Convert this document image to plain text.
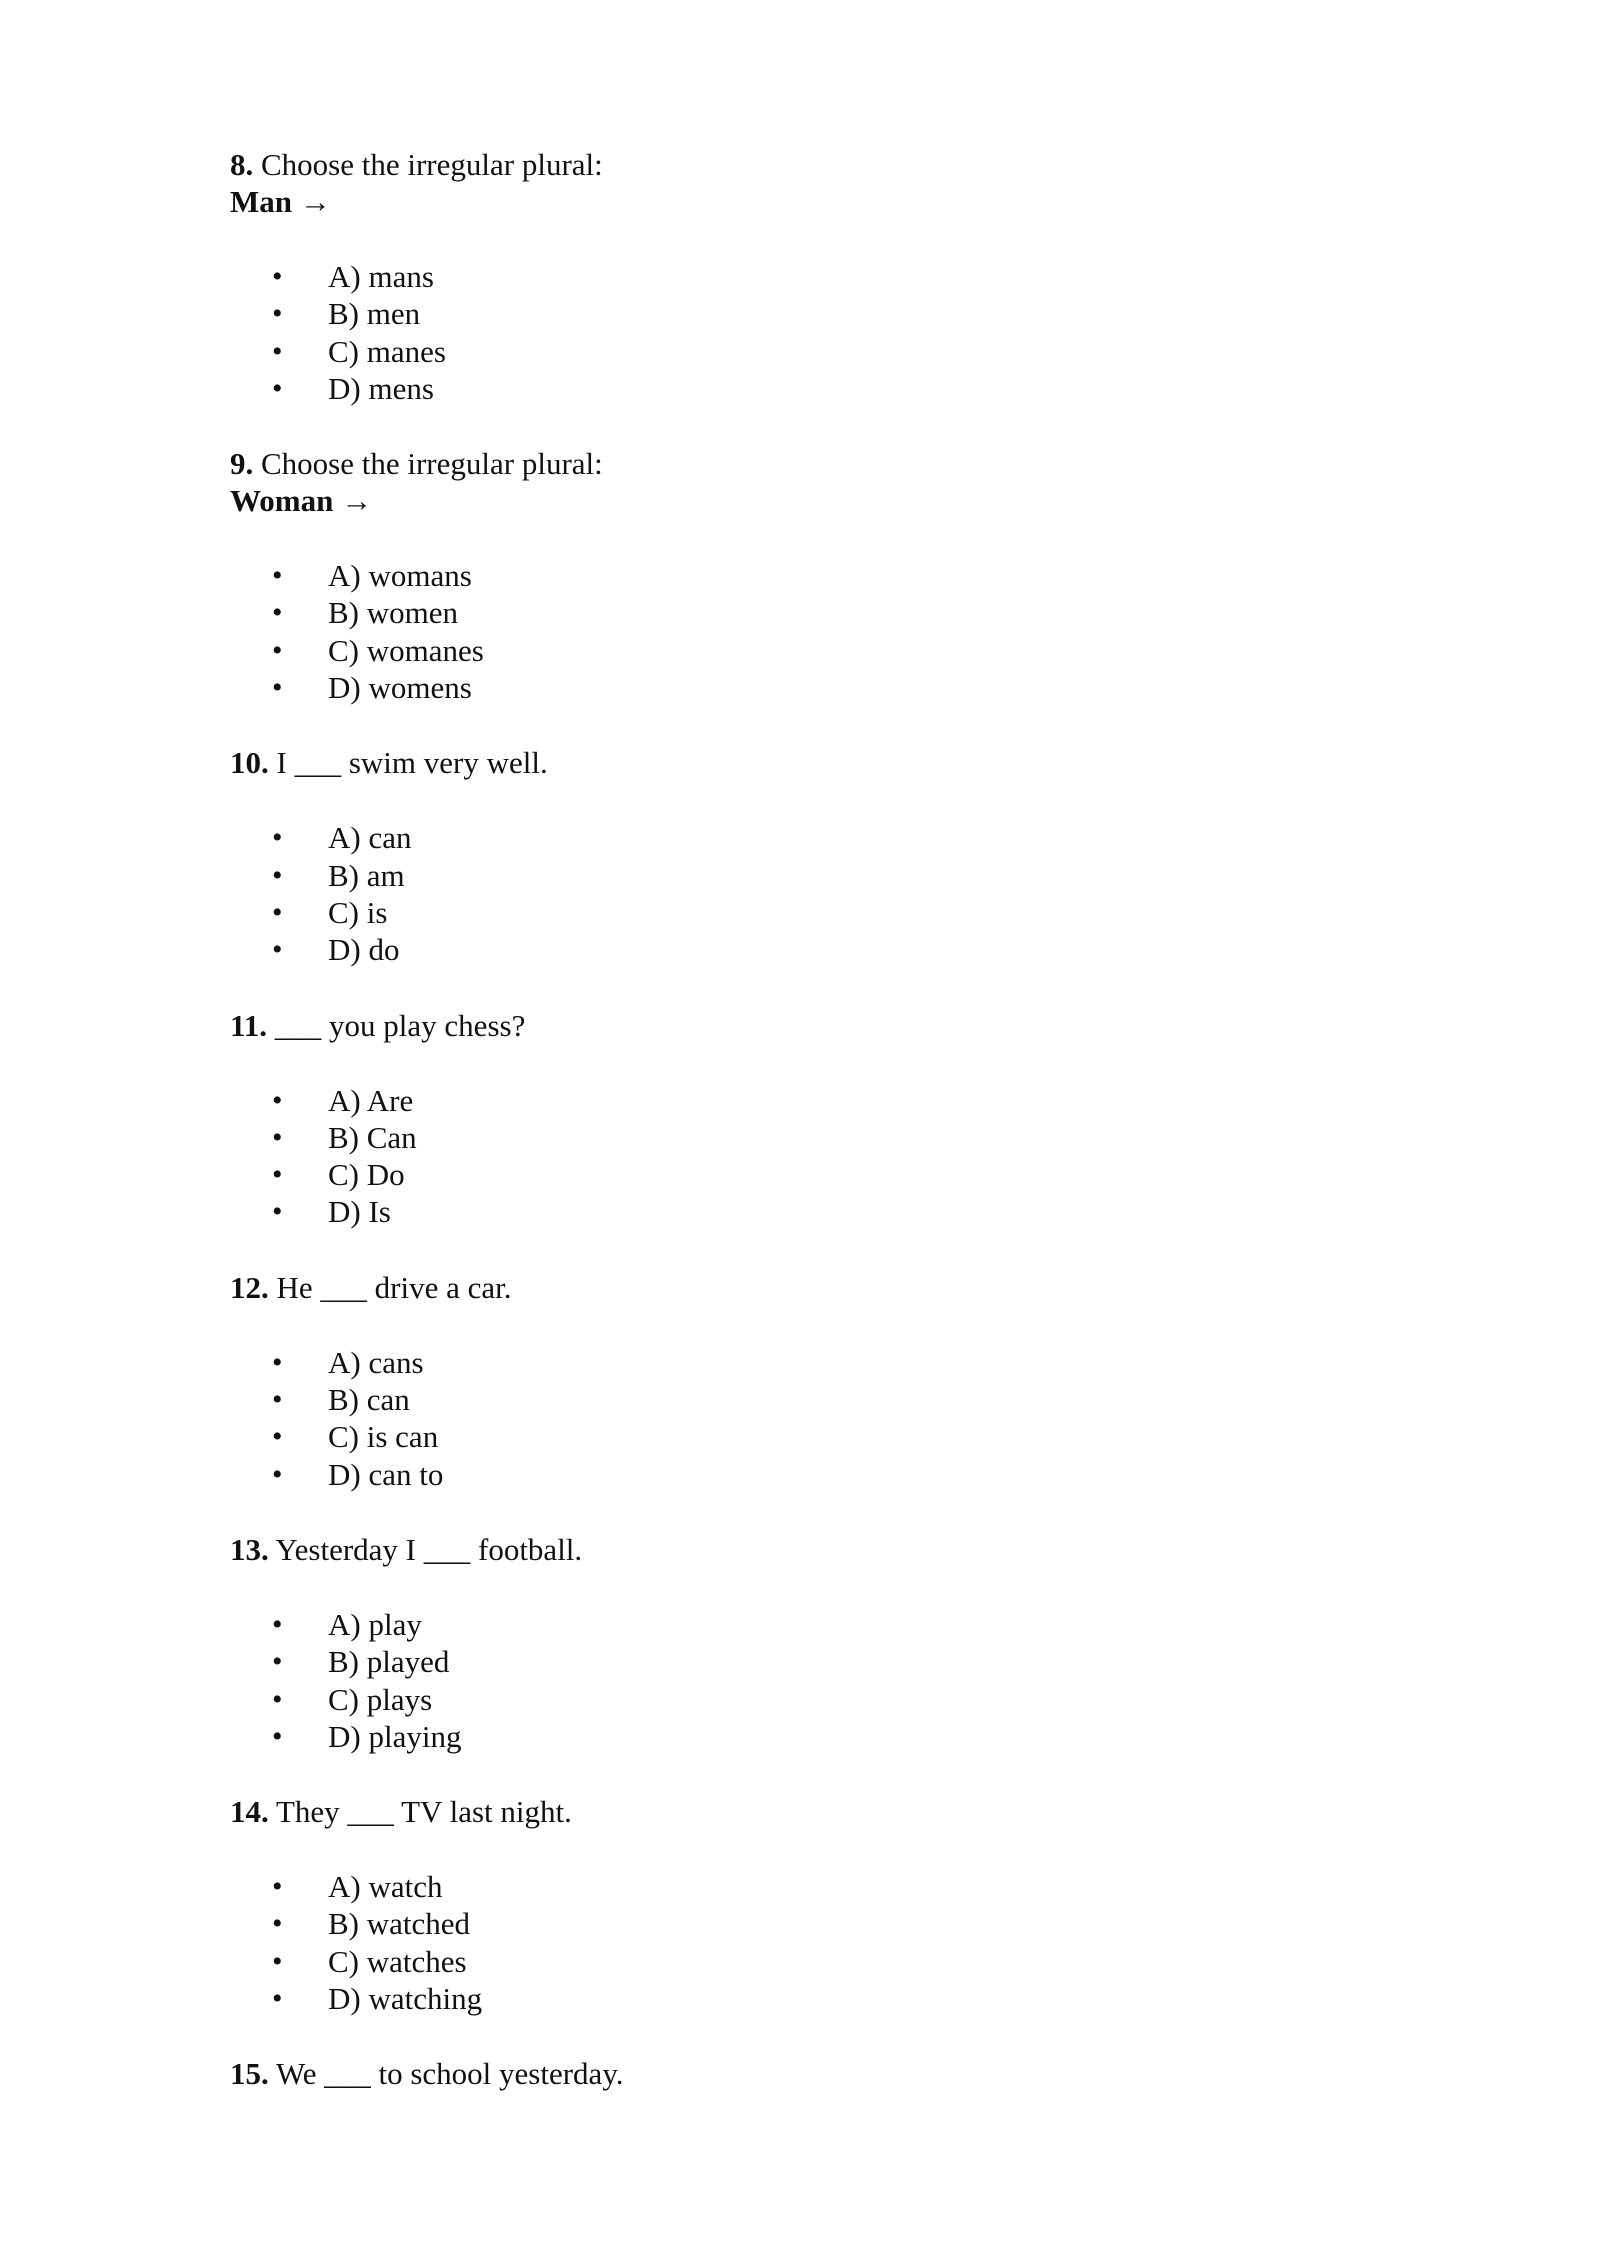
8. Choose the irregular plural:
Man →
• A) mans
• B) men
• C) manes
• D) mens
9. Choose the irregular plural:
Woman →
• A) womans
• B) women
• C) womanes
• D) womens
10. I ___ swim very well.
• A) can
• B) am
• C) is
• D) do
11. ___ you play chess?
• A) Are
• B) Can
• C) Do
• D) Is
12. He ___ drive a car.
• A) cans
• B) can
• C) is can
• D) can to
13. Yesterday I ___ football.
• A) play
• B) played
• C) plays
• D) playing
14. They ___ TV last night.
• A) watch
• B) watched
• C) watches
• D) watching
15. We ___ to school yesterday.
